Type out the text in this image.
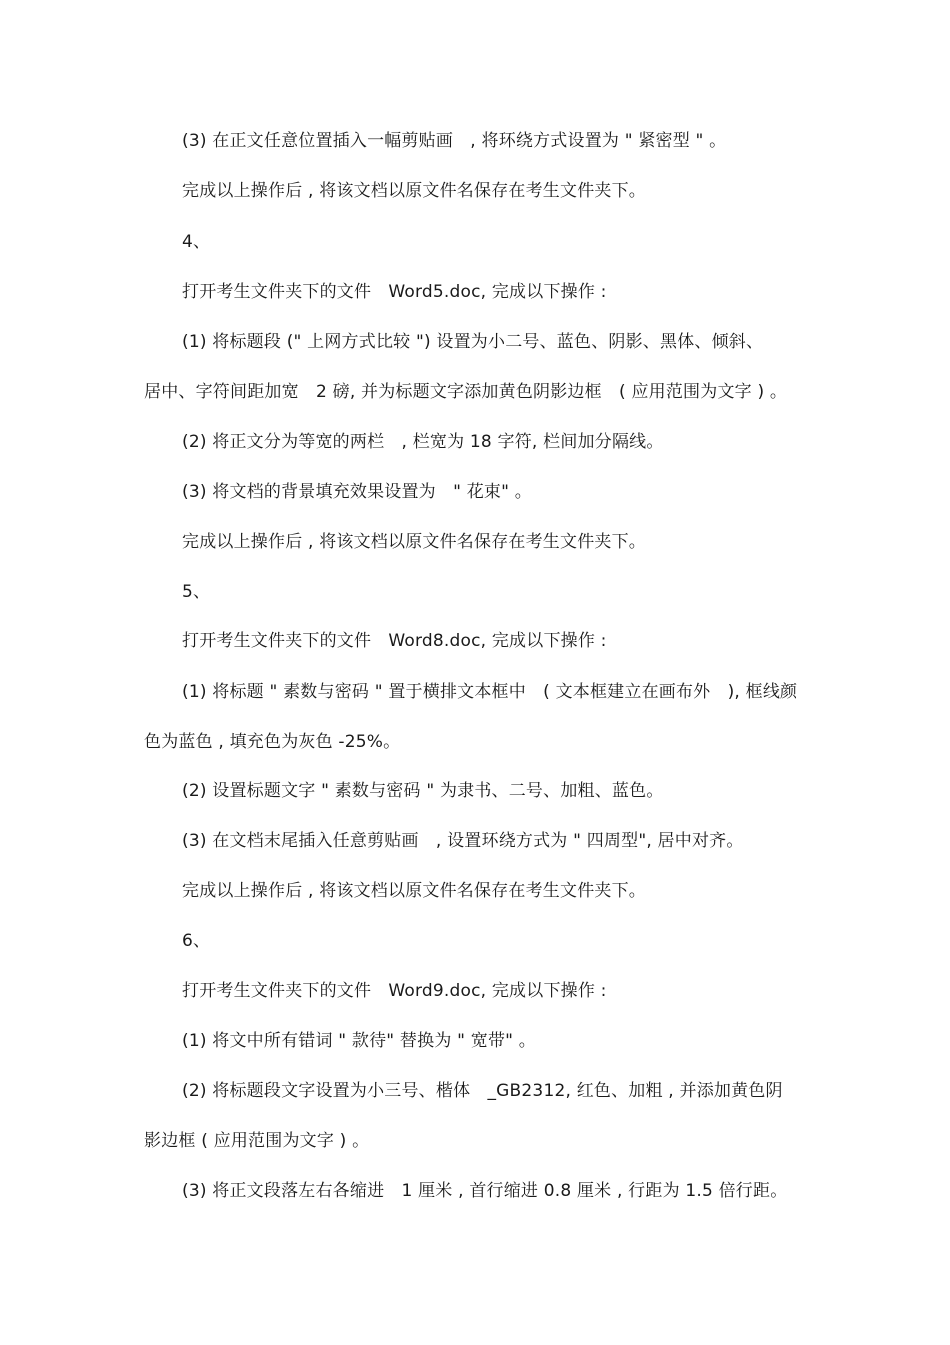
(3) 在正文任意位置插入一幅剪贴画　, 将环绕方式设置为 " 紧密型 " 。
完成以上操作后 , 将该文档以原文件名保存在考生文件夹下。
4、
打开考生文件夹下的文件　Word5.doc, 完成以下操作 :
(1) 将标题段 (" 上网方式比较 ") 设置为小二号、蓝色、阴影、黑体、倾斜、
居中、字符间距加宽　2 磅, 并为标题文字添加黄色阴影边框　( 应用范围为文字 ) 。
(2) 将正文分为等宽的两栏　, 栏宽为 18 字符, 栏间加分隔线。
(3) 将文档的背景填充效果设置为　" 花束" 。
完成以上操作后 , 将该文档以原文件名保存在考生文件夹下。
5、
打开考生文件夹下的文件　Word8.doc, 完成以下操作 :
(1) 将标题 " 素数与密码 " 置于横排文本框中　( 文本框建立在画布外　), 框线颜
色为蓝色 , 填充色为灰色 -25%。
(2) 设置标题文字 " 素数与密码 " 为隶书、二号、加粗、蓝色。
(3) 在文档末尾插入任意剪贴画　, 设置环绕方式为 " 四周型", 居中对齐。
完成以上操作后 , 将该文档以原文件名保存在考生文件夹下。
6、
打开考生文件夹下的文件　Word9.doc, 完成以下操作 :
(1) 将文中所有错词 " 款待" 替换为 " 宽带" 。
(2) 将标题段文字设置为小三号、楷体　_GB2312, 红色、加粗 , 并添加黄色阴
影边框 ( 应用范围为文字 ) 。
(3) 将正文段落左右各缩进　1 厘米 , 首行缩进 0.8 厘米 , 行距为 1.5 倍行距。
